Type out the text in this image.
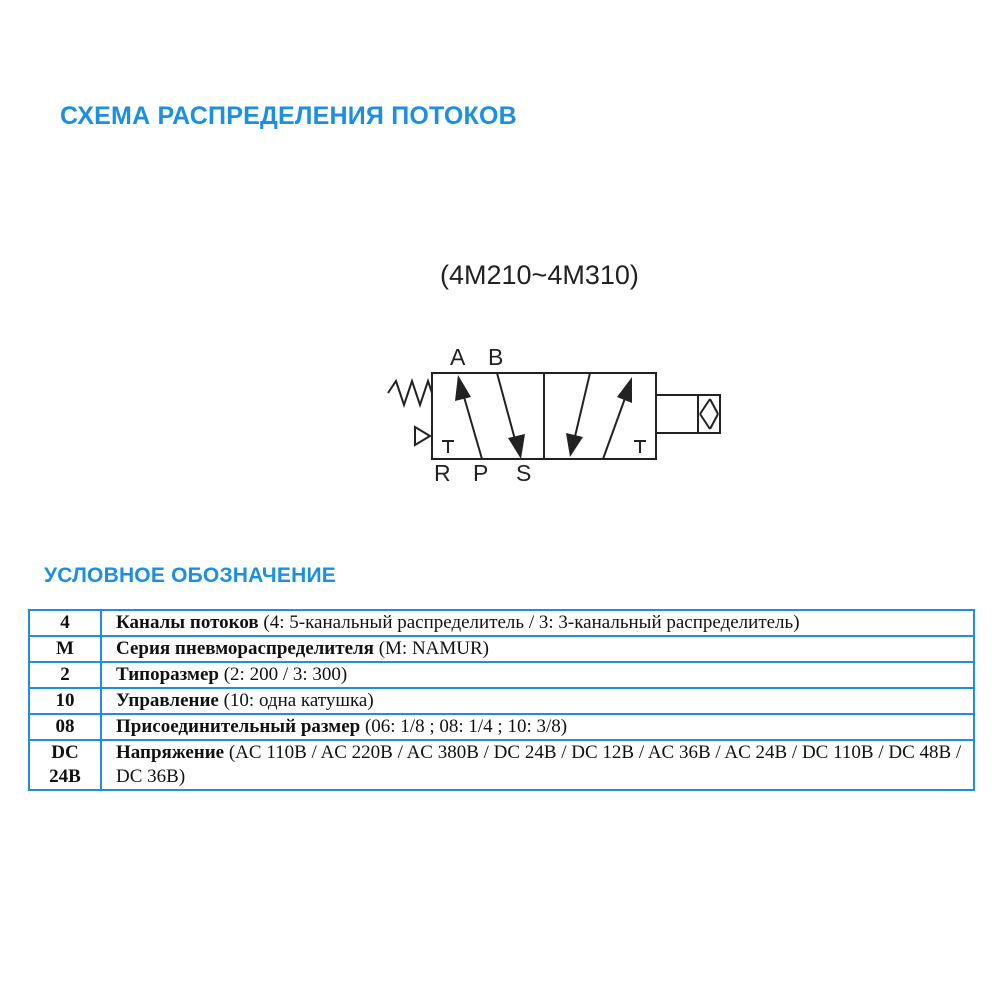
СХЕМА РАСПРЕДЕЛЕНИЯ ПОТОКОВ
(4M210~4M310)
A B
R P S
УСЛОВНОЕ ОБОЗНАЧЕНИЕ
4	Каналы потоков (4: 5-канальный распределитель / 3: 3-канальный распределитель)
M	Серия пневмораспределителя (M: NAMUR)
2	Типоразмер (2: 200 / 3: 300)
10	Управление (10: одна катушка)
08	Присоединительный размер (06: 1/8 ; 08: 1/4 ; 10: 3/8)
DC 24B	Напряжение (AC 110B / AC 220B / AC 380B / DC 24B / DC 12B / AC 36B / AC 24B / DC 110B / DC 48B / DC 36B)
